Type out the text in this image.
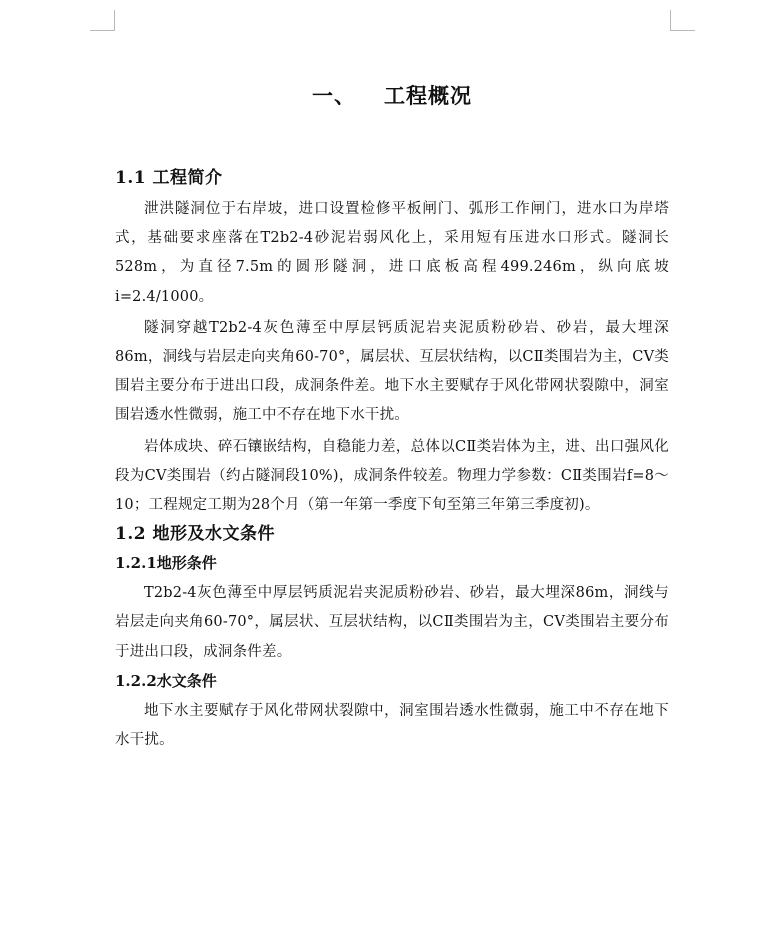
一、 工程概况
1.1 工程简介

泄洪隧洞位于右岸坡，进口设置检修平板闸门、弧形工作闸门，进水口为岸塔式，基础要求座落在T2b2-4砂泥岩弱风化上，采用短有压进水口形式。隧洞长528m，为直径7.5m的圆形隧洞，进口底板高程499.246m，纵向底坡i=2.4/1000。

隧洞穿越T2b2-4灰色薄至中厚层钙质泥岩夹泥质粉砂岩、砂岩，最大埋深86m，洞线与岩层走向夹角60-70°，属层状、互层状结构，以CⅡ类围岩为主，CⅤ类围岩主要分布于进出口段，成洞条件差。地下水主要赋存于风化带网状裂隙中，洞室围岩透水性微弱，施工中不存在地下水干扰。

岩体成块、碎石镶嵌结构，自稳能力差，总体以CⅡ类岩体为主，进、出口强风化段为CⅤ类围岩（约占隧洞段10%)，成洞条件较差。物理力学参数：CⅡ类围岩f=8～10；工程规定工期为28个月（第一年第一季度下旬至第三年第三季度初)。

1.2 地形及水文条件
1.2.1地形条件

T2b2-4灰色薄至中厚层钙质泥岩夹泥质粉砂岩、砂岩，最大埋深86m，洞线与岩层走向夹角60-70°，属层状、互层状结构，以CⅡ类围岩为主，CⅤ类围岩主要分布于进出口段，成洞条件差。

1.2.2水文条件

地下水主要赋存于风化带网状裂隙中，洞室围岩透水性微弱，施工中不存在地下水干扰。
